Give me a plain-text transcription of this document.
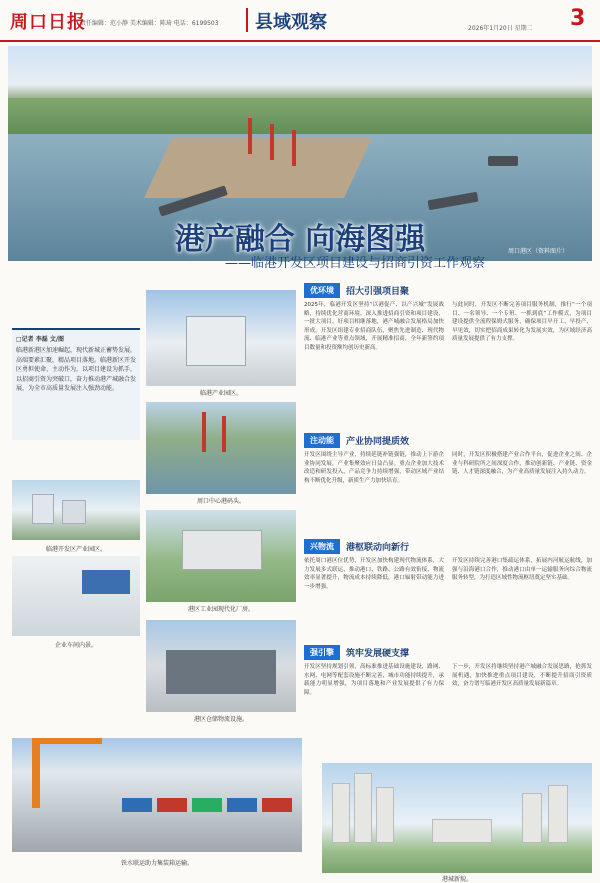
周口日报
责任编辑：范小静 美术编辑：陈琦 电话：6199503 县域观察	2026年1月20日 星期二 3
周口港区（资料图片）
港产融合 向海图强
——临港开发区项目建设与招商引资工作观察
□记者 李磊 文/图
临港新港区加速崛起，现代新城正蓄势发展，高端要素汇聚，精品项目落地。临港新区开发区勇担使命、主动作为，以项目建设为抓手，以招商引资为突破口，奋力推动港产城融合发展，为全市高质量发展注入强劲动能。
临港开发区产业园区。
企业车间内景。
临港产业园区。
周口中心港码头。
港区工业园现代化厂房。
港区仓储物流设施。
铁水联运助力集装箱运输。
优环境	招大引强项目聚

2025年，临港开发区坚持“以港促产、以产兴城”发展战略，持续优化营商环境，深入推进招商引资和项目建设，一批大项目、好项目相继落地，港产城融合发展格局加快形成。开发区组建专业招商队伍，聚焦先进制造、现代物流、临港产业等重点领域，开展精准招商，全年新签约项目数量和投资额均创历史新高。

与此同时，开发区不断完善项目服务机制，推行“一个项目、一名领导、一个专班、一抓到底”工作模式，为项目建设提供全流程保姆式服务，确保项目早开工、早投产、早见效，切实把招商成果转化为发展实效，为区域经济高质量发展提供了有力支撑。

注动能	产业协同提质效

开发区围绕主导产业，持续延链补链强链，推动上下游企业协同发展，产业集聚效应日益凸显。重点企业加大技术改造和研发投入，产品竞争力持续增强，带动区域产业结构不断优化升级，新质生产力加快培育。

同时，开发区积极搭建产业合作平台，促进企业之间、企业与科研院所之间深度合作，推动创新链、产业链、资金链、人才链深度融合，为产业高质量发展注入持久动力。

兴物流	港枢联动向新行

依托周口港区位优势，开发区加快构建现代物流体系，大力发展多式联运，推动港口、铁路、公路有效衔接，物流效率显著提升，物流成本持续降低，港口辐射带动能力进一步增强。

开发区持续完善港口集疏运体系，拓展内河航运航线，加强与沿海港口合作，推动港口由单一运输服务向综合物流服务转型，为打造区域性物流枢纽奠定坚实基础。

强引擎	筑牢发展硬支撑

开发区坚持规划引领，高标准推进基础设施建设，路网、水网、电网等配套设施不断完善，城市功能持续提升，承载能力明显增强，为项目落地和产业发展提供了有力保障。

下一步，开发区将继续坚持港产城融合发展思路，抢抓发展机遇，加快推进重点项目建设，不断提升招商引资质效，奋力谱写临港开发区高质量发展新篇章。

港城新貌。
